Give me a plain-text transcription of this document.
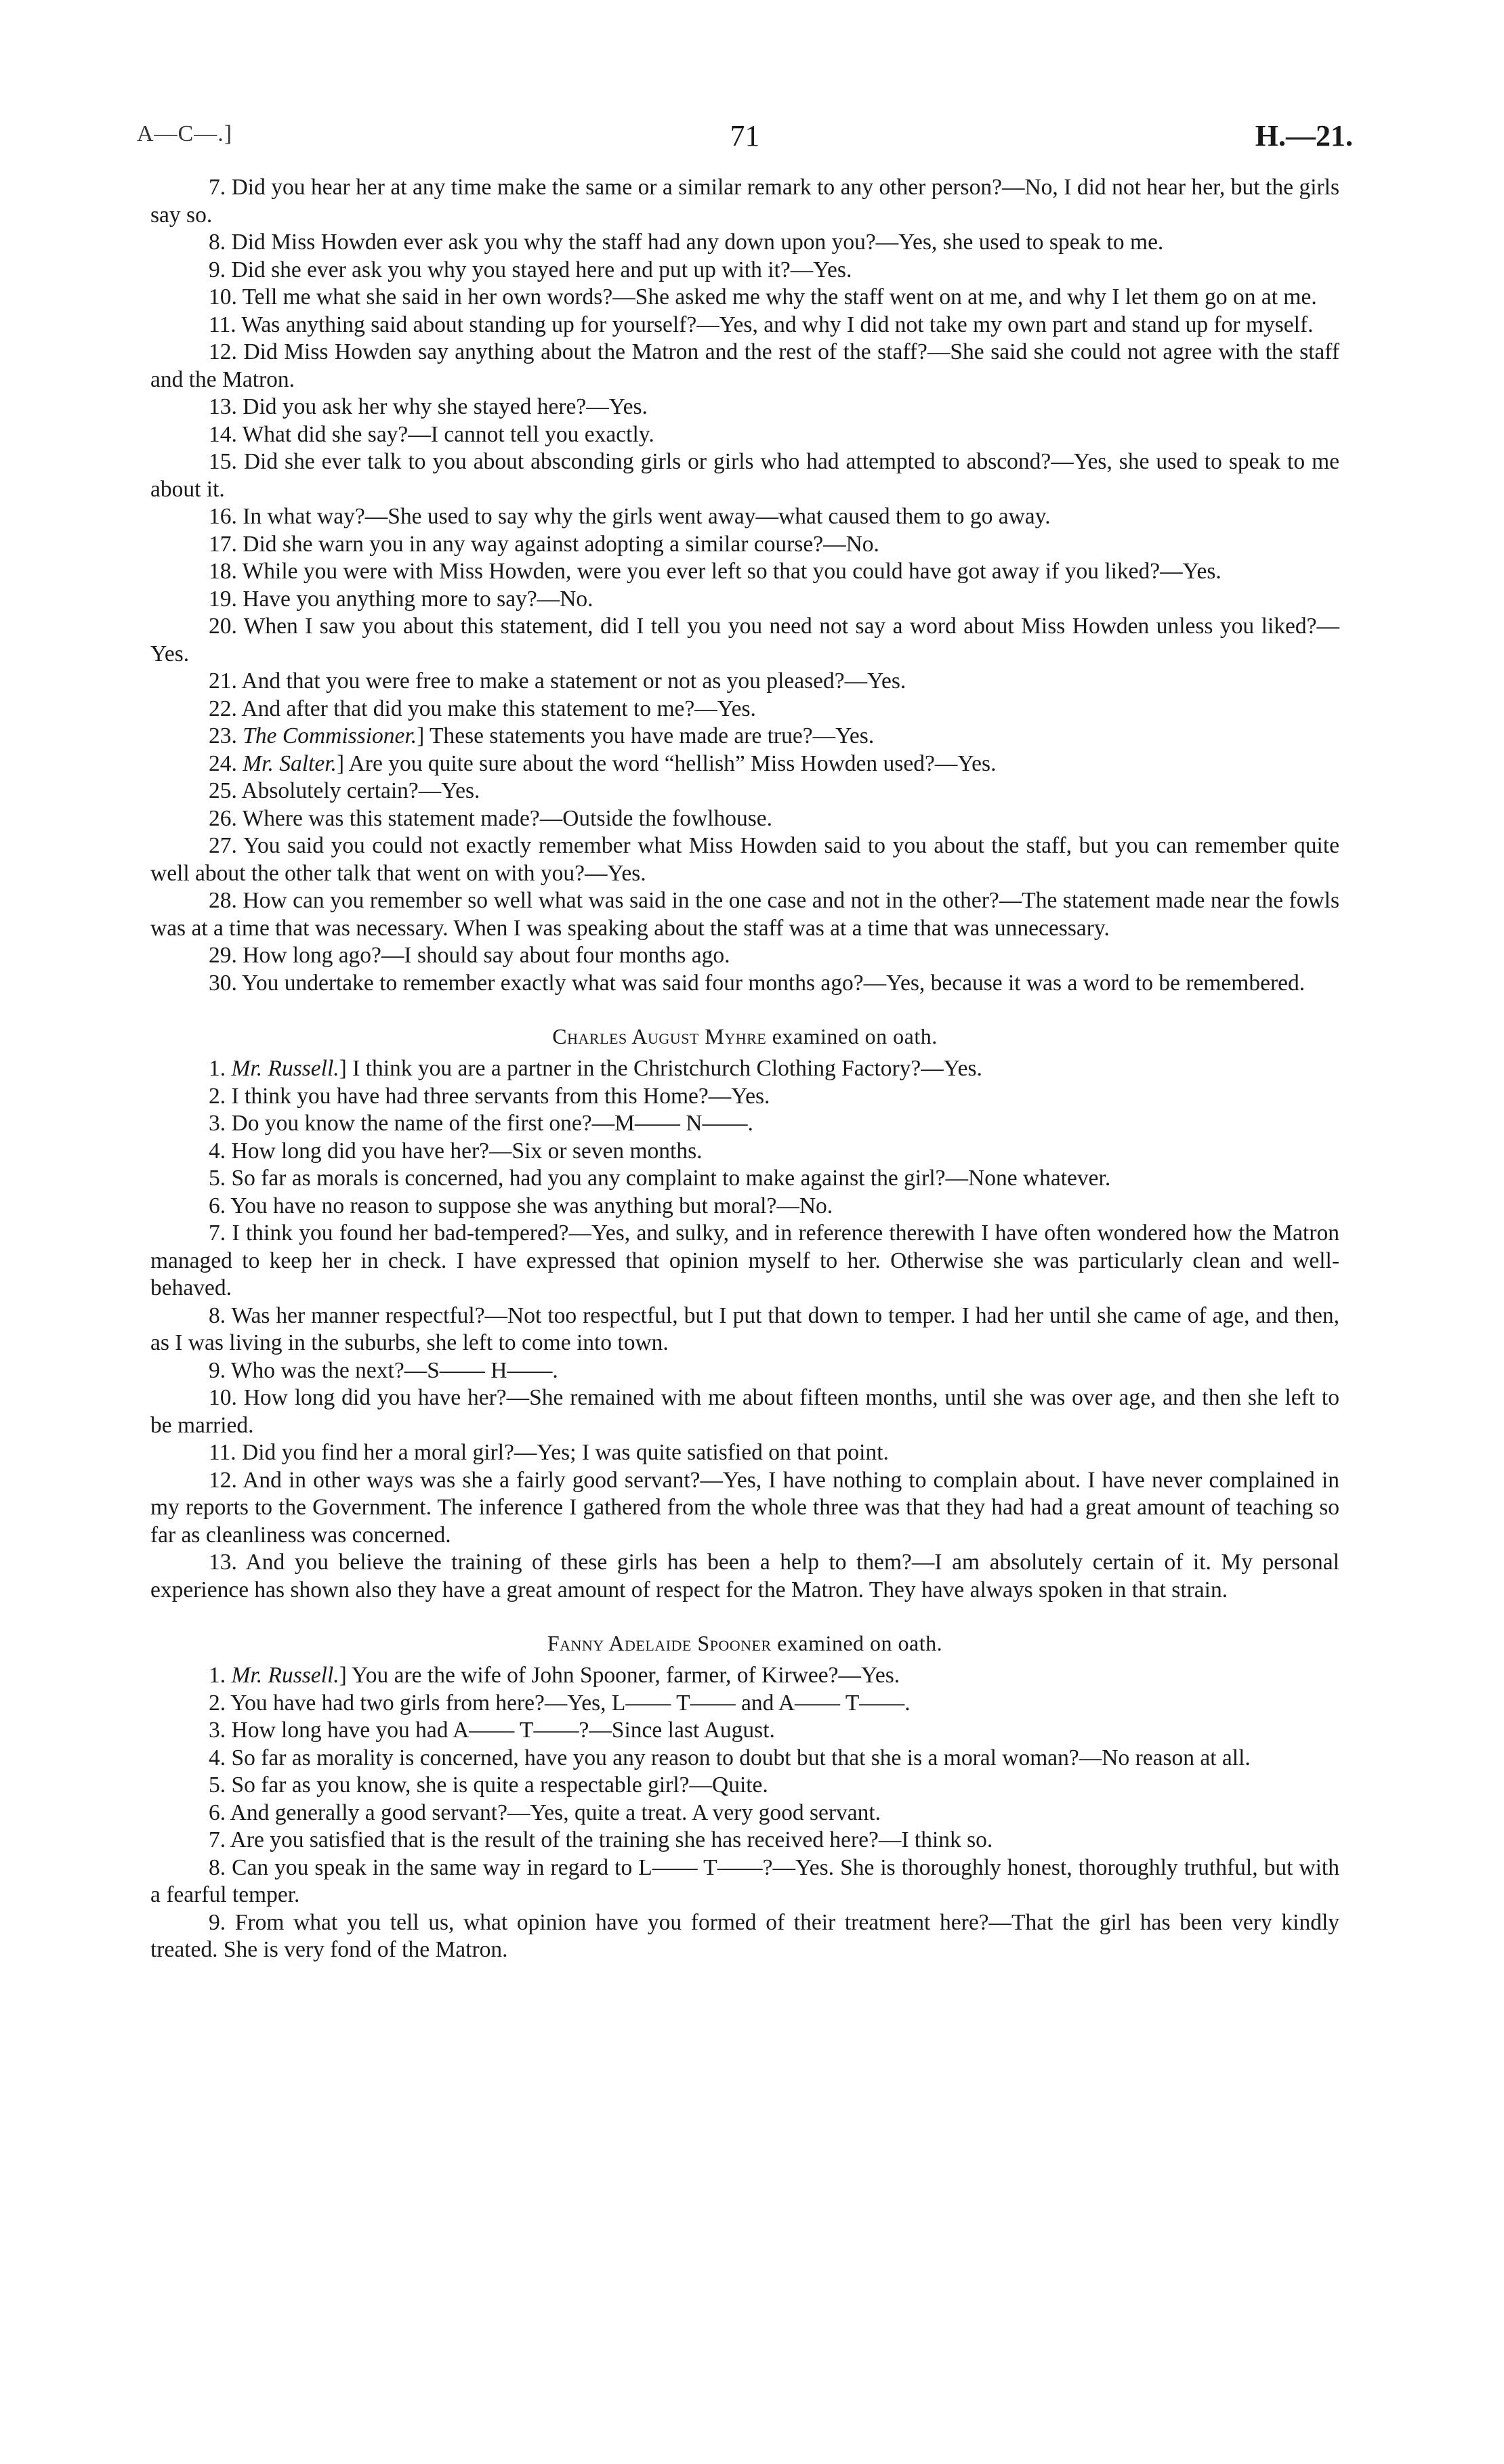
A—C—.]	71	H.—21.

7. Did you hear her at any time make the same or a similar remark to any other person?—No, I did not hear her, but the girls say so.

8. Did Miss Howden ever ask you why the staff had any down upon you?—Yes, she used to speak to me.

9. Did she ever ask you why you stayed here and put up with it?—Yes.

10. Tell me what she said in her own words?—She asked me why the staff went on at me, and why I let them go on at me.

11. Was anything said about standing up for yourself?—Yes, and why I did not take my own part and stand up for myself.

12. Did Miss Howden say anything about the Matron and the rest of the staff?—She said she could not agree with the staff and the Matron.

13. Did you ask her why she stayed here?—Yes.

14. What did she say?—I cannot tell you exactly.

15. Did she ever talk to you about absconding girls or girls who had attempted to abscond?—Yes, she used to speak to me about it.

16. In what way?—She used to say why the girls went away—what caused them to go away.

17. Did she warn you in any way against adopting a similar course?—No.

18. While you were with Miss Howden, were you ever left so that you could have got away if you liked?—Yes.

19. Have you anything more to say?—No.

20. When I saw you about this statement, did I tell you you need not say a word about Miss Howden unless you liked?—Yes.

21. And that you were free to make a statement or not as you pleased?—Yes.

22. And after that did you make this statement to me?—Yes.

23. The Commissioner.] These statements you have made are true?—Yes.

24. Mr. Salter.] Are you quite sure about the word “hellish” Miss Howden used?—Yes.

25. Absolutely certain?—Yes.

26. Where was this statement made?—Outside the fowlhouse.

27. You said you could not exactly remember what Miss Howden said to you about the staff, but you can remember quite well about the other talk that went on with you?—Yes.

28. How can you remember so well what was said in the one case and not in the other?—The statement made near the fowls was at a time that was necessary. When I was speaking about the staff was at a time that was unnecessary.

29. How long ago?—I should say about four months ago.

30. You undertake to remember exactly what was said four months ago?—Yes, because it was a word to be remembered.

Charles August Myhre examined on oath.

1. Mr. Russell.] I think you are a partner in the Christchurch Clothing Factory?—Yes.

2. I think you have had three servants from this Home?—Yes.

3. Do you know the name of the first one?—M—— N——.

4. How long did you have her?—Six or seven months.

5. So far as morals is concerned, had you any complaint to make against the girl?—None whatever.

6. You have no reason to suppose she was anything but moral?—No.

7. I think you found her bad-tempered?—Yes, and sulky, and in reference therewith I have often wondered how the Matron managed to keep her in check. I have expressed that opinion myself to her. Otherwise she was particularly clean and well-behaved.

8. Was her manner respectful?—Not too respectful, but I put that down to temper. I had her until she came of age, and then, as I was living in the suburbs, she left to come into town.

9. Who was the next?—S—— H——.

10. How long did you have her?—She remained with me about fifteen months, until she was over age, and then she left to be married.

11. Did you find her a moral girl?—Yes; I was quite satisfied on that point.

12. And in other ways was she a fairly good servant?—Yes, I have nothing to complain about. I have never complained in my reports to the Government. The inference I gathered from the whole three was that they had had a great amount of teaching so far as cleanliness was concerned.

13. And you believe the training of these girls has been a help to them?—I am absolutely certain of it. My personal experience has shown also they have a great amount of respect for the Matron. They have always spoken in that strain.

Fanny Adelaide Spooner examined on oath.

1. Mr. Russell.] You are the wife of John Spooner, farmer, of Kirwee?—Yes.

2. You have had two girls from here?—Yes, L—— T—— and A—— T——.

3. How long have you had A—— T——?—Since last August.

4. So far as morality is concerned, have you any reason to doubt but that she is a moral woman?—No reason at all.

5. So far as you know, she is quite a respectable girl?—Quite.

6. And generally a good servant?—Yes, quite a treat. A very good servant.

7. Are you satisfied that is the result of the training she has received here?—I think so.

8. Can you speak in the same way in regard to L—— T——?—Yes. She is thoroughly honest, thoroughly truthful, but with a fearful temper.

9. From what you tell us, what opinion have you formed of their treatment here?—That the girl has been very kindly treated. She is very fond of the Matron.
